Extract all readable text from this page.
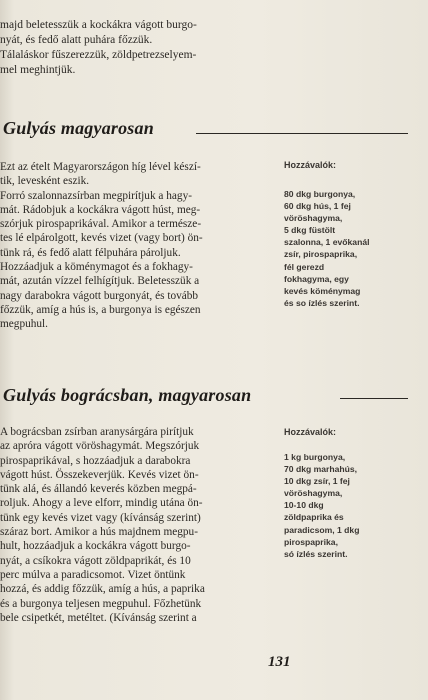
majd beletesszük a kockákra vágott burgo-
nyát, és fedő alatt puhára főzzük.
Tálaláskor fűszerezzük, zöldpetrezselyem-
mel meghintjük.
Gulyás magyarosan
Ezt az ételt Magyarországon híg lével készí-
tik, levesként eszik.
Forró szalonnazsírban megpirítjuk a hagy-
mát. Rádobjuk a kockákra vágott húst, meg-
szórjuk pirospaprikával. Amikor a természe-
tes lé elpárolgott, kevés vizet (vagy bort) ön-
tünk rá, és fedő alatt félpuhára pároljuk.
Hozzáadjuk a köménymagot és a fokhagy-
mát, azután vízzel felhígítjuk. Beletesszük a
nagy darabokra vágott burgonyát, és tovább
főzzük, amíg a hús is, a burgonya is egészen
megpuhul.
Hozzávalók:
80 dkg burgonya,
60 dkg hús, 1 fej
vöröshagyma,
5 dkg füstölt
szalonna, 1 evőkanál
zsír, pirospaprika,
fél gerezd
fokhagyma, egy
kevés köménymag
és so ízlés szerint.
Gulyás bográcsban, magyarosan
A bográcsban zsírban aranysárgára pirítjuk
az apróra vágott vöröshagymát. Megszórjuk
pirospaprikával, s hozzáadjuk a darabokra
vágott húst. Összekeverjük. Kevés vizet ön-
tünk alá, és állandó keverés közben megpá-
roljuk. Ahogy a leve elforr, mindig utána ön-
tünk egy kevés vizet vagy (kívánság szerint)
száraz bort. Amikor a hús majdnem megpu-
hult, hozzáadjuk a kockákra vágott burgo-
nyát, a csíkokra vágott zöldpaprikát, és 10
perc múlva a paradicsomot. Vizet öntünk
hozzá, és addig főzzük, amíg a hús, a paprika
és a burgonya teljesen megpuhul. Főzhetünk
bele csipetkét, metéltet. (Kívánság szerint a
Hozzávalók:
1 kg burgonya,
70 dkg marhahús,
10 dkg zsír, 1 fej
vöröshagyma,
10-10 dkg
zöldpaprika és
paradicsom, 1 dkg
pirospaprika,
só ízlés szerint.
131
